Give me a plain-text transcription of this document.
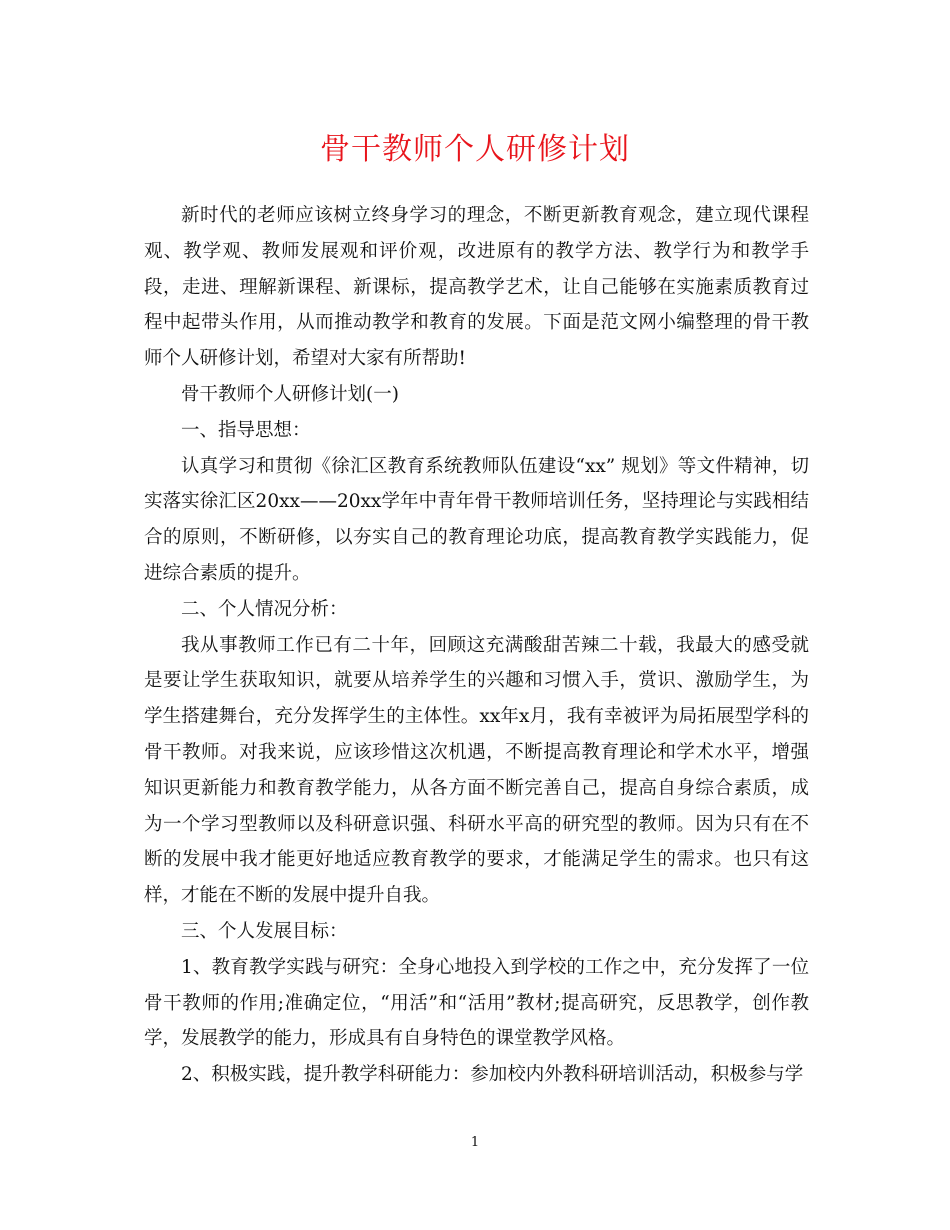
骨干教师个人研修计划

新时代的老师应该树立终身学习的理念，不断更新教育观念，建立现代课程观、教学观、教师发展观和评价观，改进原有的教学方法、教学行为和教学手段，走进、理解新课程、新课标，提高教学艺术，让自己能够在实施素质教育过程中起带头作用，从而推动教学和教育的发展。下面是范文网小编整理的骨干教师个人研修计划，希望对大家有所帮助!

骨干教师个人研修计划(一)

一、指导思想：

认真学习和贯彻《徐汇区教育系统教师队伍建设“xx” 规划》等文件精神，切实落实徐汇区20xx——20xx学年中青年骨干教师培训任务，坚持理论与实践相结合的原则，不断研修，以夯实自己的教育理论功底，提高教育教学实践能力，促进综合素质的提升。

二、个人情况分析：

我从事教师工作已有二十年，回顾这充满酸甜苦辣二十载，我最大的感受就是要让学生获取知识，就要从培养学生的兴趣和习惯入手，赏识、激励学生，为学生搭建舞台，充分发挥学生的主体性。xx年x月，我有幸被评为局拓展型学科的骨干教师。对我来说，应该珍惜这次机遇，不断提高教育理论和学术水平，增强知识更新能力和教育教学能力，从各方面不断完善自己，提高自身综合素质，成为一个学习型教师以及科研意识强、科研水平高的研究型的教师。因为只有在不断的发展中我才能更好地适应教育教学的要求，才能满足学生的需求。也只有这样，才能在不断的发展中提升自我。

三、个人发展目标：

1、教育教学实践与研究：全身心地投入到学校的工作之中，充分发挥了一位骨干教师的作用;准确定位，“用活”和“活用”教材;提高研究，反思教学，创作教学，发展教学的能力，形成具有自身特色的课堂教学风格。

2、积极实践，提升教学科研能力：参加校内外教科研培训活动，积极参与学

1
